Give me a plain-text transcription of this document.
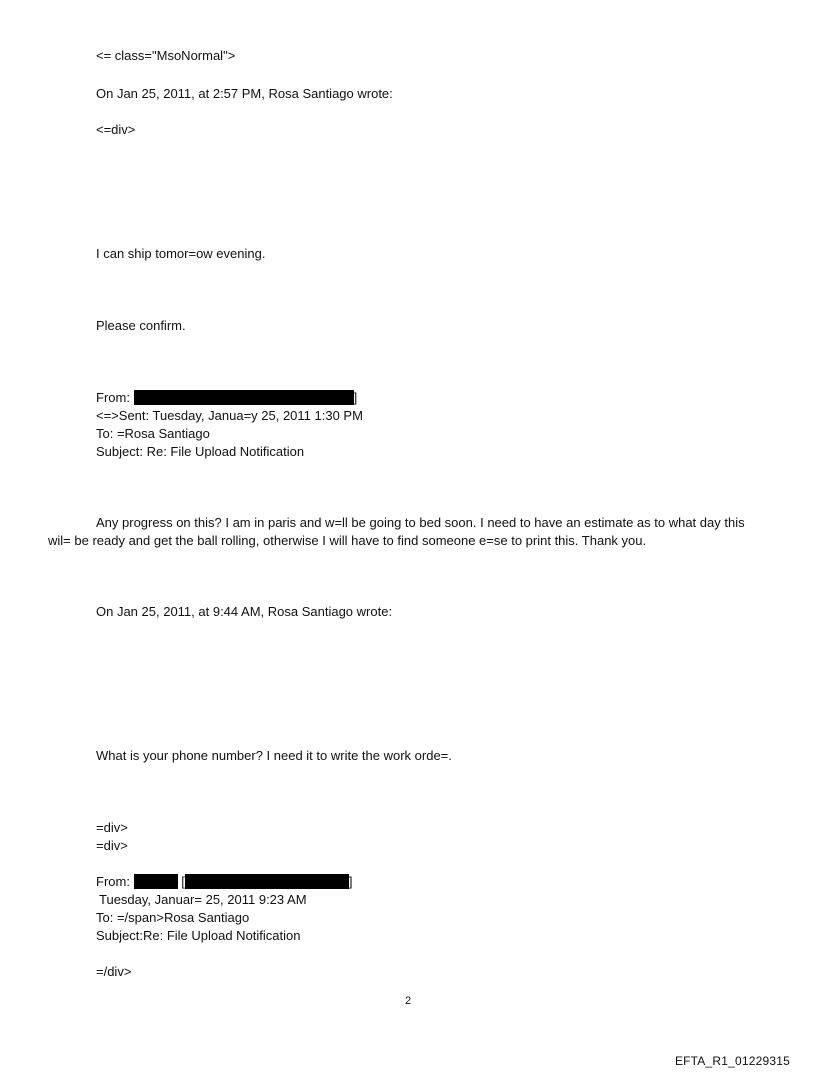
<= class="MsoNormal">
On Jan 25, 2011, at 2:57 PM, Rosa Santiago wrote:
<=div>
I can ship tomor=ow evening.
Please confirm.
From:	]
<=>Sent: Tuesday, Janua=y 25, 2011 1:30 PM
To: =Rosa Santiago
Subject: Re: File Upload Notification
Any progress on this? I am in paris and w=ll be going to bed soon. I need to have an estimate as to what day this wil= be ready and get the ball rolling, otherwise I will have to find someone e=se to print this. Thank you.
On Jan 25, 2011, at 9:44 AM, Rosa Santiago wrote:
What is your phone number? I need it to write the work orde=.
=div>
=div>
From:	[	]
Tuesday, Januar= 25, 2011 9:23 AM
To: =/span>Rosa Santiago
Subject:Re: File Upload Notification
=/div>
2
EFTA_R1_01229315
